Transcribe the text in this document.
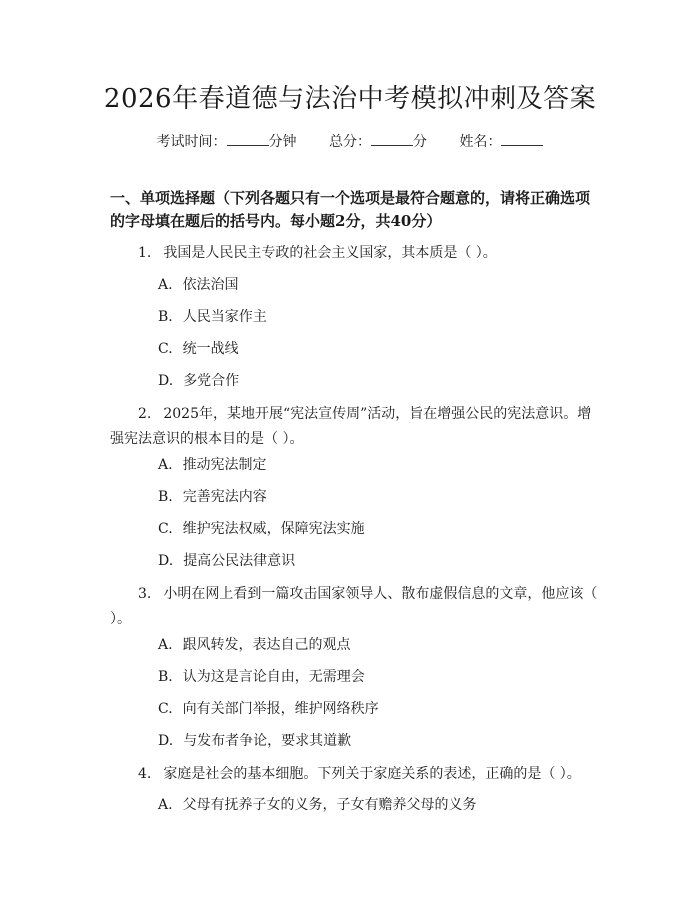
2026年春道德与法治中考模拟冲刺及答案
考试时间：	分钟 总分：	分 姓名：
一、单项选择题（下列各题只有一个选项是最符合题意的，请将正确选项的字母填在题后的括号内。每小题2分，共40分）
1. 我国是人民民主专政的社会主义国家，其本质是（ ）。
A. 依法治国
B. 人民当家作主
C. 统一战线
D. 多党合作
2. 2025年，某地开展“宪法宣传周”活动，旨在增强公民的宪法意识。增强宪法意识的根本目的是（ ）。
A. 推动宪法制定
B. 完善宪法内容
C. 维护宪法权威，保障宪法实施
D. 提高公民法律意识
3. 小明在网上看到一篇攻击国家领导人、散布虚假信息的文章，他应该（ ）。
A. 跟风转发，表达自己的观点
B. 认为这是言论自由，无需理会
C. 向有关部门举报，维护网络秩序
D. 与发布者争论，要求其道歉
4. 家庭是社会的基本细胞。下列关于家庭关系的表述，正确的是（ ）。
A. 父母有抚养子女的义务，子女有赡养父母的义务
